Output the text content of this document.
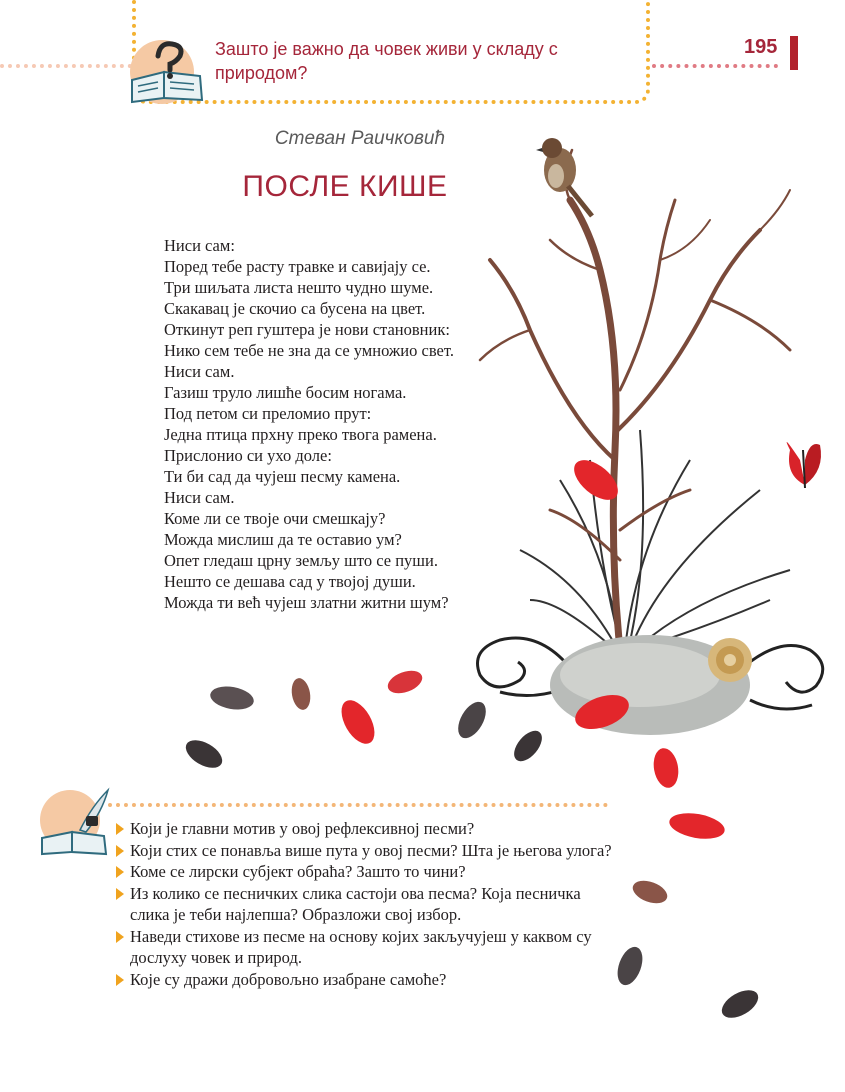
Зашто је важно да човек живи у складу с природом?
195
Стеван Раичковић
ПОСЛЕ КИШЕ
Ниси сам:
Поред тебе расту травке и савијају се.
Три шиљата листа нешто чудно шуме.
Скакавац је скочио са бусена на цвет.
Откинут реп гуштера је нови становник:
Нико сем тебе не зна да се умножио свет.
Ниси сам.
Газиш труло лишће босим ногама.
Под петом си преломио прут:
Једна птица прхну преко твога рамена.
Прислонио си ухо доле:
Ти би сад да чујеш песму камена.
Ниси сам.
Коме ли се твоје очи смешкају?
Можда мислиш да те оставио ум?
Опет гледаш црну земљу што се пуши.
Нешто се дешава сад у твојој души.
Можда ти већ чујеш златни житни шум?
Који је главни мотив у овој рефлексивној песми?
Који стих се понавља више пута у овој песми? Шта је његова улога?
Коме се лирски субјект обраћа? Зашто то чини?
Из колико се песничких слика састоји ова песма? Која песничка слика је теби најлепша? Образложи свој избор.
Наведи стихове из песме на основу којих закључујеш у каквом су дослуху човек и природ.
Које су дражи добровољно изабране самоће?
